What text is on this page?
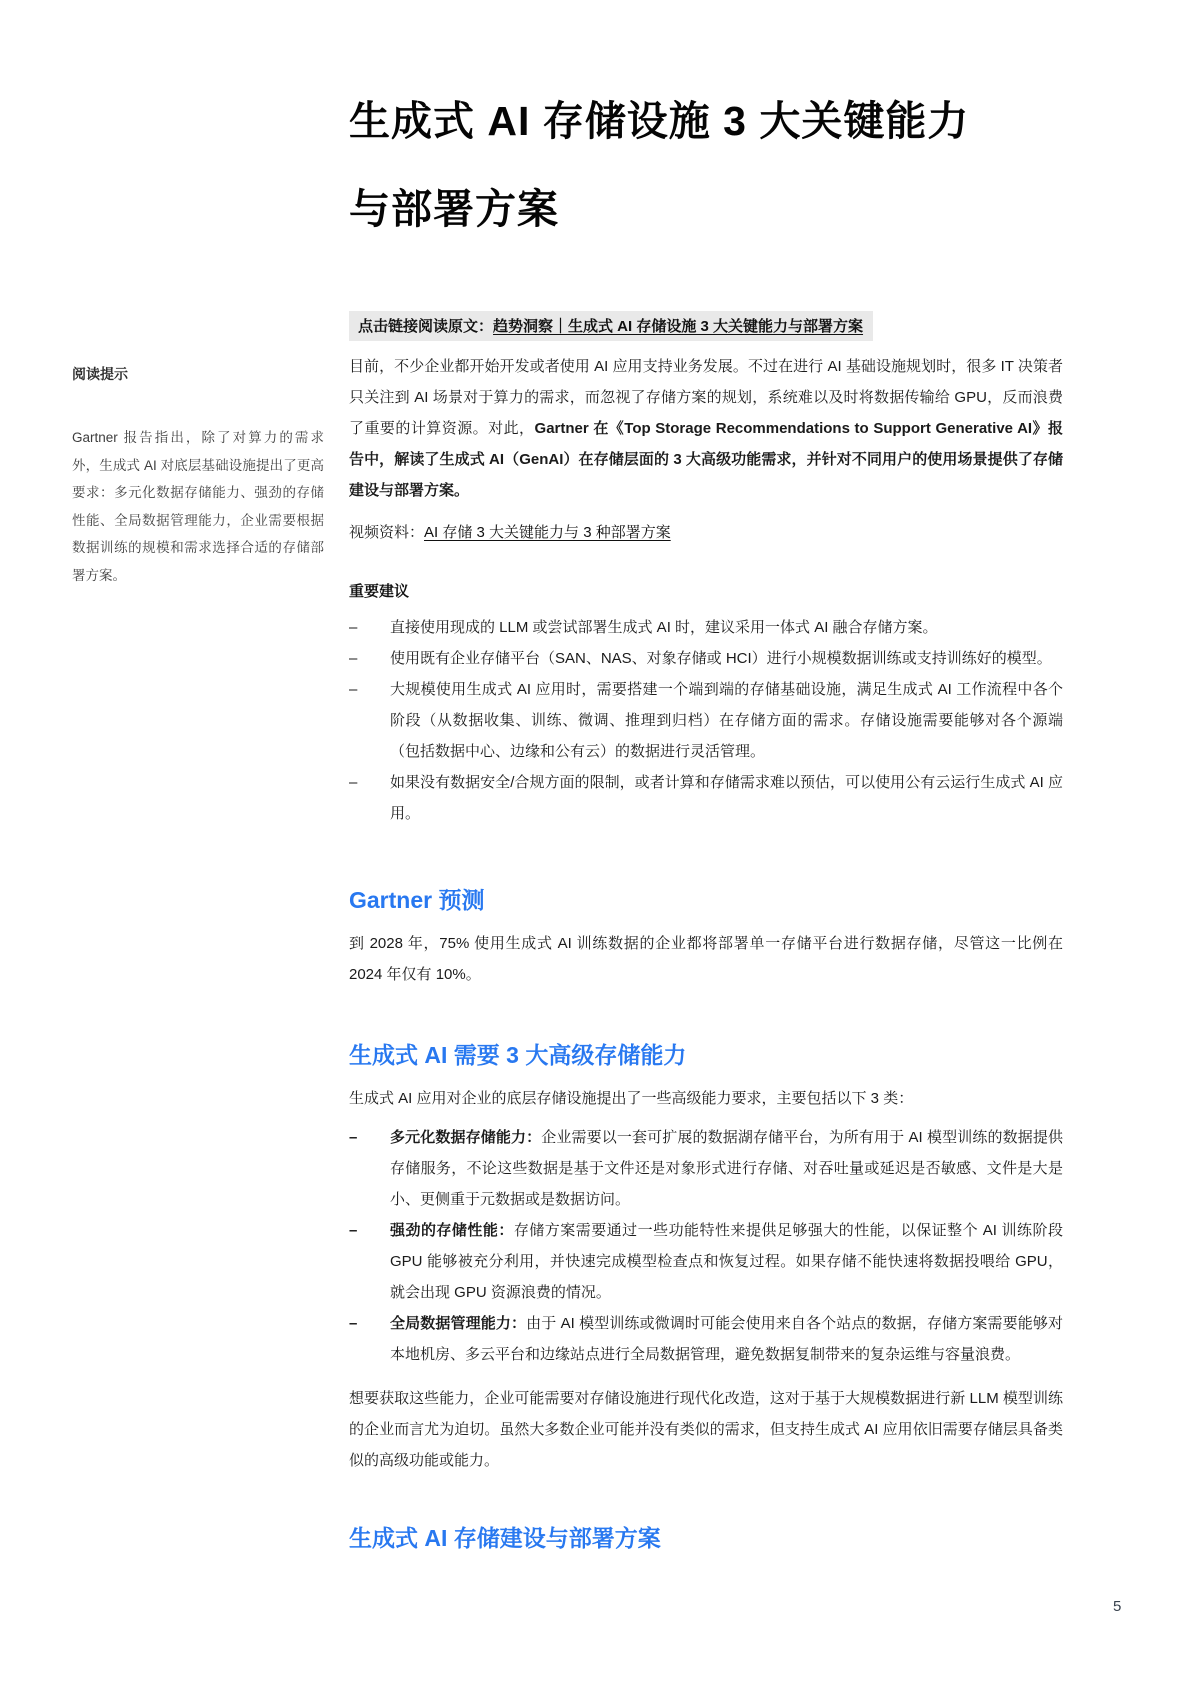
生成式 AI 存储设施 3 大关键能力
与部署方案
点击链接阅读原文：趋势洞察｜生成式 AI 存储设施 3 大关键能力与部署方案
阅读提示
Gartner 报告指出，除了对算力的需求外，生成式 AI 对底层基础设施提出了更高要求：多元化数据存储能力、强劲的存储性能、全局数据管理能力，企业需要根据数据训练的规模和需求选择合适的存储部署方案。

目前，不少企业都开始开发或者使用 AI 应用支持业务发展。不过在进行 AI 基础设施规划时，很多 IT 决策者只关注到 AI 场景对于算力的需求，而忽视了存储方案的规划，系统难以及时将数据传输给 GPU，反而浪费了重要的计算资源。对此，Gartner 在《Top Storage Recommendations to Support Generative AI》报告中，解读了生成式 AI（GenAI）在存储层面的 3 大高级功能需求，并针对不同用户的使用场景提供了存储建设与部署方案。

视频资料：AI 存储 3 大关键能力与 3 种部署方案

重要建议
–	直接使用现成的 LLM 或尝试部署生成式 AI 时，建议采用一体式 AI 融合存储方案。
–	使用既有企业存储平台（SAN、NAS、对象存储或 HCI）进行小规模数据训练或支持训练好的模型。
–	大规模使用生成式 AI 应用时，需要搭建一个端到端的存储基础设施，满足生成式 AI 工作流程中各个阶段（从数据收集、训练、微调、推理到归档）在存储方面的需求。存储设施需要能够对各个源端（包括数据中心、边缘和公有云）的数据进行灵活管理。
–	如果没有数据安全/合规方面的限制，或者计算和存储需求难以预估，可以使用公有云运行生成式 AI 应用。
Gartner 预测

到 2028 年，75% 使用生成式 AI 训练数据的企业都将部署单一存储平台进行数据存储，尽管这一比例在 2024 年仅有 10%。

生成式 AI 需要 3 大高级存储能力

生成式 AI 应用对企业的底层存储设施提出了一些高级能力要求，主要包括以下 3 类：

–	多元化数据存储能力：企业需要以一套可扩展的数据湖存储平台，为所有用于 AI 模型训练的数据提供存储服务，不论这些数据是基于文件还是对象形式进行存储、对吞吐量或延迟是否敏感、文件是大是小、更侧重于元数据或是数据访问。
–	强劲的存储性能：存储方案需要通过一些功能特性来提供足够强大的性能，以保证整个 AI 训练阶段 GPU 能够被充分利用，并快速完成模型检查点和恢复过程。如果存储不能快速将数据投喂给 GPU，就会出现 GPU 资源浪费的情况。
–	全局数据管理能力：由于 AI 模型训练或微调时可能会使用来自各个站点的数据，存储方案需要能够对本地机房、多云平台和边缘站点进行全局数据管理，避免数据复制带来的复杂运维与容量浪费。

想要获取这些能力，企业可能需要对存储设施进行现代化改造，这对于基于大规模数据进行新 LLM 模型训练的企业而言尤为迫切。虽然大多数企业可能并没有类似的需求，但支持生成式 AI 应用依旧需要存储层具备类似的高级功能或能力。

生成式 AI 存储建设与部署方案
5
